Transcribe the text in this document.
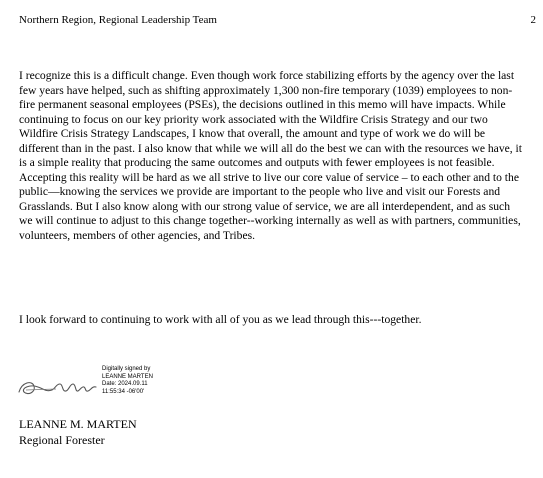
Northern Region, Regional Leadership Team	2

I recognize this is a difficult change. Even though work force stabilizing efforts by the agency over the last few years have helped, such as shifting approximately 1,300 non-fire temporary (1039) employees to non-fire permanent seasonal employees (PSEs), the decisions outlined in this memo will have impacts. While continuing to focus on our key priority work associated with the Wildfire Crisis Strategy and our two Wildfire Crisis Strategy Landscapes, I know that overall, the amount and type of work we do will be different than in the past. I also know that while we will all do the best we can with the resources we have, it is a simple reality that producing the same outcomes and outputs with fewer employees is not feasible. Accepting this reality will be hard as we all strive to live our core value of service – to each other and to the public—knowing the services we provide are important to the people who live and visit our Forests and Grasslands. But I also know along with our strong value of service, we are all interdependent, and as such we will continue to adjust to this change together--working internally as well as with partners, communities, volunteers, members of other agencies, and Tribes.

I look forward to continuing to work with all of you as we lead through this---together.

Digitally signed by
LEANNE MARTEN
Date: 2024.09.11
11:55:34 -06'00'
LEANNE M. MARTEN
Regional Forester
